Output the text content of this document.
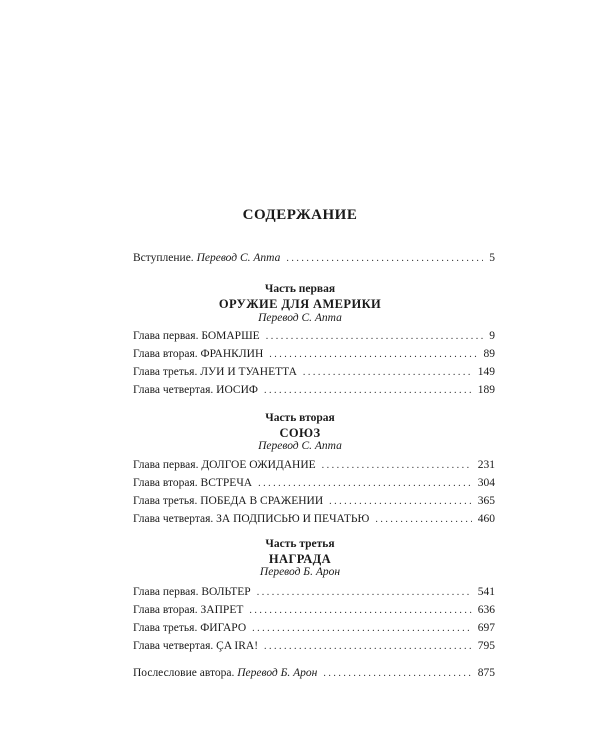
СОДЕРЖАНИЕ
Вступление. Перевод С. Апта . . .	5
Часть первая
ОРУЖИЕ ДЛЯ АМЕРИКИ
Перевод С. Апта
Глава первая. БОМАРШЕ . . .	9
Глава вторая. ФРАНКЛИН . . .	89
Глава третья. ЛУИ И ТУАНЕТТА . . .	149
Глава четвертая. ИОСИФ . . .	189
Часть вторая
СОЮЗ
Перевод С. Апта
Глава первая. ДОЛГОЕ ОЖИДАНИЕ . . .	231
Глава вторая. ВСТРЕЧА . . .	304
Глава третья. ПОБЕДА В СРАЖЕНИИ . . .	365
Глава четвертая. ЗА ПОДПИСЬЮ И ПЕЧАТЬЮ . . .	460
Часть третья
НАГРАДА
Перевод Б. Арон
Глава первая. ВОЛЬТЕР . . .	541
Глава вторая. ЗАПРЕТ . . .	636
Глава третья. ФИГАРО . . .	697
Глава четвертая. ÇA IRA! . . .	795
Послесловие автора. Перевод Б. Арон . . .	875
